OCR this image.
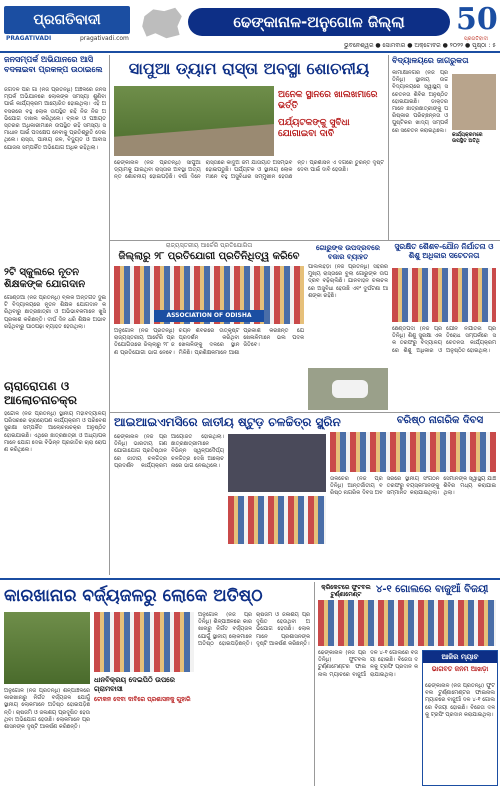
ପ୍ରଗତିବାଦୀ
PRAGATIVADI	pragativadi.com
ଢେଙ୍କାନାଳ-ଅନୁଗୋଳ ଜିଲ୍ଲା	50
ପ୍ରଗତିବାଦୀ
ଭୁବନେଶ୍ୱର ● ସୋମବାର ● ଅକ୍ଟୋବର ● ୨୦୨୨ ● ପୃଷ୍ଠା : ୫
ଜନସମ୍ପର୍କ ଅଭିଯାନରେ ଆସି ବଦଳାଇବା ପ୍ରକଳ୍ପ ଉଠାଇଲେ
ଜଗଦଳ ପର ଗାଁ (ନିଜ ପ୍ରତିନିଧି) ଅଞ୍ଚଳରେ ଜନସମ୍ପର୍କ ଅଭିଯାନରେ ଲୋକଙ୍କ ସମସ୍ୟା ଶୁଣିବା ପାଇଁ କାର୍ଯ୍ୟକ୍ରମ ଆୟୋଜିତ ହୋଇଥିଲା। ଏହି ଅବସରରେ ବହୁ ଲୋକ ଉପସ୍ଥିତ ରହି ନିଜ ନିଜ ଅଭିଯୋଗ ଦାଖଲ କରିଥିଲେ। ବ୍ଲକ ଓ ପଞ୍ଚାୟତ ସ୍ତରର ଅଧିକାରୀମାନେ ଉପସ୍ଥିତ ରହି ସମସ୍ୟା ସମାଧାନ ପାଇଁ ପଦକ୍ଷେପ ନେବାକୁ ପ୍ରତିଶ୍ରୁତି ଦେଇଥିଲେ। ରାସ୍ତା, ପାନୀୟ ଜଳ, ବିଦ୍ୟୁତ ଓ ଆବାସ ଯୋଜନା ସମ୍ପର୍କିତ ଅଭିଯୋଗ ଅଧିକ ରହିଥିଲା।
୨ଟି ସ୍କୁଲରେ ନୂତନ ଶିକ୍ଷକଙ୍କ ଯୋଗଦାନ
ଗୋଣ୍ଡିଆ (ନିଜ ପ୍ରତିନିଧି) ବ୍ଲକ ଅନ୍ତର୍ଗତ ଦୁଇଟି ବିଦ୍ୟାଳୟରେ ନୂତନ ଶିକ୍ଷକ ଯୋଗଦାନ କରିଥିବାରୁ ଛାତ୍ରଛାତ୍ରୀ ଓ ଅଭିଭାବକମାନେ ଖୁସି ପ୍ରକାଶ କରିଛନ୍ତି। ଦୀର୍ଘ ଦିନ ଧରି ଶିକ୍ଷକ ଅଭାବ ରହିଥିବାରୁ ପାଠପଢ଼ା ବ୍ୟାହତ ହେଉଥିଲା।
ଚାରାରୋପଣ ଓ ଆଲୋଚନାଚକ୍ର
ହିନ୍ଦୋଳ (ନିଜ ପ୍ରତିନିଧି) ସ୍ଥାନୀୟ ମହାବିଦ୍ୟାଳୟ ପରିସରରେ ଚାରାରୋପଣ କାର୍ଯ୍ୟକ୍ରମ ଓ ପରିବେଶ ସୁରକ୍ଷା ସମ୍ପର୍କିତ ଆଲୋଚନାଚକ୍ର ଅନୁଷ୍ଠିତ ହୋଇଯାଇଛି। ଏଥିରେ ଛାତ୍ରଛାତ୍ରୀ ଓ ଅଧ୍ୟାପକମାନେ ଯୋଗ ଦେଇ ବିଭିନ୍ନ ପ୍ରଜାତିର ଚାରା ରୋପଣ କରିଥିଲେ।
ସାପୁଆ ଡ୍ୟାମ ରାସ୍ତା ଅବସ୍ଥା ଶୋଚନୀୟ
ଅନେକ ସ୍ଥାନରେ ଖାଲଖମାରେ ଭର୍ତ୍ତି
ପର୍ଯ୍ୟଟକଙ୍କୁ ସୁବିଧା ଯୋଗାଇବା ଦାବି
ଢେଙ୍କାନାଳ (ନିଜ ପ୍ରତିନିଧି) ସାପୁଆ ଡ୍ୟାମକୁ ଯାଇଥିବା ରାସ୍ତାର ଅବସ୍ଥା ଅତ୍ୟନ୍ତ ଶୋଚନୀୟ ହୋଇପଡ଼ିଛି। ବର୍ଷା ଦିନେ ରାସ୍ତାରେ କାଦୁଅ ଜମି ଯାତାୟାତ ଅସମ୍ଭବ ହୋଇପଡୁଛି। ପର୍ଯ୍ୟଟକ ଓ ସ୍ଥାନୀୟ ଲୋକମାନେ ବହୁ ଅସୁବିଧାର ସମ୍ମୁଖୀନ ହେଉଛନ୍ତି। ପ୍ରଶାସନ ଏ ଦିଗରେ ତୁରନ୍ତ ଦୃଷ୍ଟି ଦେବା ପାଇଁ ଦାବି ହେଉଛି।
ବିଦ୍ୟାଳୟରେ ଜାଗରୁକତା
କାମାକ୍ଷାନଗର (ନିଜ ପ୍ରତିନିଧି) ସ୍ଥାନୀୟ ଉଚ୍ଚ ବିଦ୍ୟାଳୟରେ ସ୍ୱାସ୍ଥ୍ୟ ସଚେତନତା ଶିବିର ଅନୁଷ୍ଠିତ ହୋଇଯାଇଛି। ଡାକ୍ତରମାନେ ଛାତ୍ରଛାତ୍ରୀଙ୍କୁ ପରିଷ୍କାର ପରିଚ୍ଛନ୍ନତା ଓ ପୁଷ୍ଟିକର ଖାଦ୍ୟ ସମ୍ପର୍କରେ ସଚେତନ କରାଇଥିଲେ।
କାର୍ଯ୍ୟକ୍ରମରେ ଉପସ୍ଥିତ ଅତିଥି
ରାଜ୍ୟସ୍ତରୀୟ ଆର୍ଚେରି ପ୍ରତିଯୋଗିତା
ଜିଲ୍ଲାରୁ ୨୮ ପ୍ରତିଯୋଗୀ ପ୍ରତିନିଧିତ୍ୱ କରିବେ
ASSOCIATION OF ODISHA
ଅନୁଗୋଳ (ନିଜ ପ୍ରତିନିଧି) ରାଜ୍ୟସ୍ତରୀୟ ଆର୍ଚେରି ପ୍ରତିଯୋଗିତାରେ ଜିଲ୍ଲାରୁ ୨୮ ଜଣ ପ୍ରତିଯୋଗୀ ଭାଗ ନେବେ। ଚୟନ ଶିବିରରେ ଉତ୍କୃଷ୍ଟ ପ୍ରଦର୍ଶନ କରିଥିବା ଖେଳାଳିଙ୍କୁ ଦଳରେ ସ୍ଥାନ ମିଳିଛି। ପ୍ରଶିକ୍ଷକମାନେ ଆଶା ପ୍ରକାଶ କରିଛନ୍ତି ଯେ ଖେଳାଳିମାନେ ଭଲ ପଦକ ଜିତିବେ।
ଗୋରୁଙ୍କ ଉପଦ୍ରବରେ ବଜାର ବ୍ୟାହତ
ପାଲଲହଡ଼ା (ନିଜ ପ୍ରତିନିଧି) ସହରର ମୁଖ୍ୟ ରାସ୍ତାରେ ବୁଲା ଗୋରୁଙ୍କ ଉପଦ୍ରବ ବଢ଼ିଚାଲିଛି। ଯାନବାହନ ଚଳାଚଳରେ ଅସୁବିଧା ହେଉଛି ଏବଂ ଦୁର୍ଘଟଣା ଆଶଙ୍କା ରହିଛି।
ସୁରକ୍ଷିତ ଶୈଶବ-ଯୌନ ନିର୍ଯାତନା ଓ ଶିଶୁ ଅଧିକାର ସଚେତନତା
ଛେଣ୍ଡିପଦା (ନିଜ ପ୍ରତିନିଧି) ଶିଶୁ ସୁରକ୍ଷା ଏକକ ତରଫରୁ ବିଦ୍ୟାଳୟରେ ଶିଶୁ ଅଧିକାର ଓ ଯୌନ ନିର୍ଯାତନା ପ୍ରତିରୋଧ ସମ୍ପର୍କରେ ସଚେତନତା କାର୍ଯ୍ୟକ୍ରମ ଅନୁଷ୍ଠିତ ହୋଇଥିଲା।
ଆଇଆଇଏମସିରେ ଜାତୀୟ ଷ୍ଟୁଡ଼ ଚଳଚ୍ଚିତ୍ର ସ୍କ୍ରିନ
ଢେଙ୍କାନାଳ (ନିଜ ପ୍ରତିନିଧି) ଭାରତୀୟ ଗଣଯୋଗାଯୋଗ ପ୍ରତିଷ୍ଠାନରେ ଜାତୀୟ ଚଳଚ୍ଚିତ୍ର ପ୍ରଦର୍ଶନ କାର୍ଯ୍ୟକ୍ରମ ଆୟୋଜିତ ହୋଇଥିଲା। ଛାତ୍ରଛାତ୍ରୀମାନେ ବିଭିନ୍ନ ସ୍ୱଳ୍ପଦୈର୍ଘ୍ୟ ଚଳଚ୍ଚିତ୍ର ଦେଖି ଆଲୋଚନାରେ ଭାଗ ନେଇଥିଲେ।
ବରିଷ୍ଠ ନାଗରିକ ଦିବସ
ତାଳଚେର (ନିଜ ପ୍ରତିନିଧି) ଆନ୍ତର୍ଜାତୀୟ ବରିଷ୍ଠ ନାଗରିକ ଦିବସ ଅବସରରେ ସ୍ଥାନୀୟ ସଂଗଠନ ତରଫରୁ ବୟସ୍କମାନଙ୍କୁ ସମ୍ମାନିତ କରାଯାଇଥିଲା। ସେମାନଙ୍କ ସ୍ୱାସ୍ଥ୍ୟ ଯାଞ୍ଚ ଶିବିର ମଧ୍ୟ କରାଯାଇଥିଲା।
କାରଖାନାର ବର୍ଜ୍ୟଜଳରୁ ଲୋକେ ଅତିଷ୍ଠ
ଅନୁଗୋଳ (ନିଜ ପ୍ରତିନିଧି) ଶିଳ୍ପାଞ୍ଚଳରେ କାରଖାନାରୁ ନିର୍ଗତ ବର୍ଜ୍ୟଜଳ ଯୋଗୁଁ ସ୍ଥାନୀୟ ଲୋକମାନେ ଅତିଷ୍ଠ ହୋଇପଡ଼ିଛନ୍ତି। ଚାଷଜମି ଓ ଜଳାଶୟ ପ୍ରଦୂଷିତ ହେଉଥିବା ଅଭିଯୋଗ ହେଉଛି। ଲୋକମାନେ ପ୍ରଶାସନଙ୍କ ଦୃଷ୍ଟି ଆକର୍ଷଣ କରିଛନ୍ତି।
ଧାନବିକ୍ରୟ ଦେଇପିଠି ଉପରେ ଗ୍ରାମବାସୀ
ଟୋକନ ଦେବା ଦାବିରେ ପ୍ରଶାସନକୁ ଗୁହାରି
ଅନୁଗୋଳ (ନିଜ ପ୍ରତିନିଧି) ଶିଳ୍ପାଞ୍ଚଳରେ କାରଖାନାରୁ ନିର୍ଗତ ବର୍ଜ୍ୟଜଳ ଯୋଗୁଁ ସ୍ଥାନୀୟ ଲୋକମାନେ ଅତିଷ୍ଠ ହୋଇପଡ଼ିଛନ୍ତି। ଚାଷଜମି ଓ ଜଳାଶୟ ପ୍ରଦୂଷିତ ହେଉଥିବା ଅଭିଯୋଗ ହେଉଛି। ଲୋକମାନେ ପ୍ରଶାସନଙ୍କ ଦୃଷ୍ଟି ଆକର୍ଷଣ କରିଛନ୍ତି।
କ୍ରିକେଟରେ ଫୁଟବଲ ଟୁର୍ଣ୍ଣାମେଣ୍ଟ	୪-୧ ଗୋଲରେ ବାଜୁଆଁ ବିଜୟୀ
ଢେଙ୍କାନାଳ (ନିଜ ପ୍ରତିନିଧି) ଫୁଟବଲ ଟୁର୍ଣ୍ଣାମେଣ୍ଟର ଫାଇନାଲ ମ୍ୟାଚରେ ବାଜୁଆଁ ଦଳ ୪-୧ ଗୋଲରେ ବିଜୟୀ ହୋଇଛି। ବିଜେତା ଦଳକୁ ଟ୍ରଫି ପ୍ରଦାନ କରାଯାଇଥିଲା।
ଆଜିର ମ୍ୟାଚ
ଭାଗବତ ଜନମ ଆଖଡ଼ା
ଢେଙ୍କାନାଳ (ନିଜ ପ୍ରତିନିଧି) ଫୁଟବଲ ଟୁର୍ଣ୍ଣାମେଣ୍ଟର ଫାଇନାଲ ମ୍ୟାଚରେ ବାଜୁଆଁ ଦଳ ୪-୧ ଗୋଲରେ ବିଜୟୀ ହୋଇଛି। ବିଜେତା ଦଳକୁ ଟ୍ରଫି ପ୍ରଦାନ କରାଯାଇଥିଲା।
